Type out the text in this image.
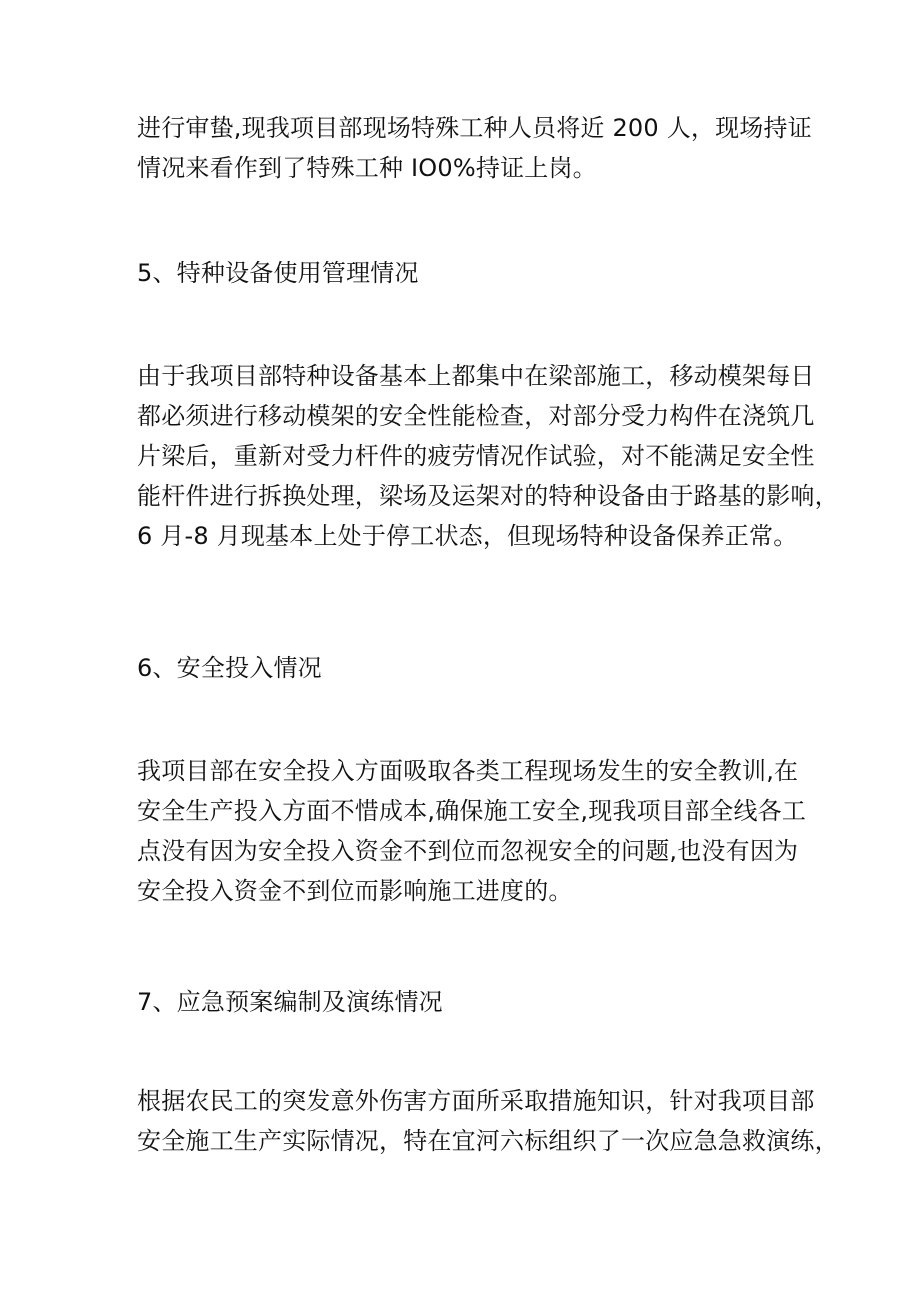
进行审蛰,现我项目部现场特殊工种人员将近 200 人，现场持证
情况来看作到了特殊工种 IO0%持证上岗。
5、特种设备使用管理情况
由于我项目部特种设备基本上都集中在梁部施工，移动模架每日
都必须进行移动模架的安全性能检查，对部分受力构件在浇筑几
片梁后，重新对受力杆件的疲劳情况作试验，对不能满足安全性
能杆件进行拆换处理，梁场及运架对的特种设备由于路基的影响，
6 月-8 月现基本上处于停工状态，但现场特种设备保养正常。
6、安全投入情况
我项目部在安全投入方面吸取各类工程现场发生的安全教训,在
安全生产投入方面不惜成本,确保施工安全,现我项目部全线各工
点没有因为安全投入资金不到位而忽视安全的问题,也没有因为
安全投入资金不到位而影响施工进度的。
7、应急预案编制及演练情况
根据农民工的突发意外伤害方面所采取措施知识，针对我项目部
安全施工生产实际情况，特在宜河六标组织了一次应急急救演练，
